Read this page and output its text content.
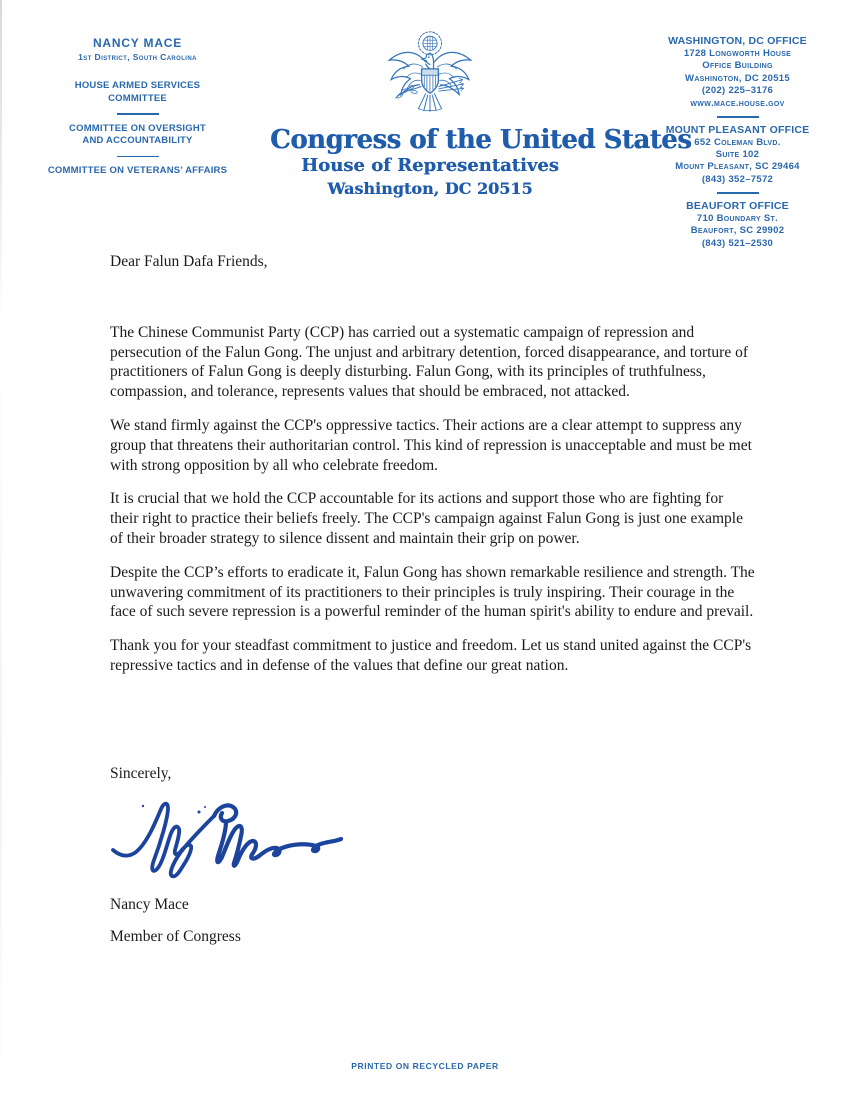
NANCY MACE
1st District, South Carolina
HOUSE ARMED SERVICES
COMMITTEE
COMMITTEE ON OVERSIGHT
AND ACCOUNTABILITY
COMMITTEE ON VETERANS’ AFFAIRS
Congress of the United States
House of Representatives
Washington, DC 20515
WASHINGTON, DC OFFICE
1728 Longworth House
Office Building
Washington, DC 20515
(202) 225–3176
www.mace.house.gov
MOUNT PLEASANT OFFICE
652 Coleman Blvd.
Suite 102
Mount Pleasant, SC 29464
(843) 352–7572
BEAUFORT OFFICE
710 Boundary St.
Beaufort, SC 29902
(843) 521–2530

Dear Falun Dafa Friends,

The Chinese Communist Party (CCP) has carried out a systematic campaign of repression and persecution of the Falun Gong. The unjust and arbitrary detention, forced disappearance, and torture of practitioners of Falun Gong is deeply disturbing. Falun Gong, with its principles of truthfulness, compassion, and tolerance, represents values that should be embraced, not attacked.

We stand firmly against the CCP's oppressive tactics. Their actions are a clear attempt to suppress any group that threatens their authoritarian control. This kind of repression is unacceptable and must be met with strong opposition by all who celebrate freedom.

It is crucial that we hold the CCP accountable for its actions and support those who are fighting for their right to practice their beliefs freely. The CCP's campaign against Falun Gong is just one example of their broader strategy to silence dissent and maintain their grip on power.

Despite the CCP’s efforts to eradicate it, Falun Gong has shown remarkable resilience and strength. The unwavering commitment of its practitioners to their principles is truly inspiring. Their courage in the face of such severe repression is a powerful reminder of the human spirit's ability to endure and prevail.

Thank you for your steadfast commitment to justice and freedom. Let us stand united against the CCP's repressive tactics and in defense of the values that define our great nation.

Sincerely,

Nancy Mace

Member of Congress

PRINTED ON RECYCLED PAPER
